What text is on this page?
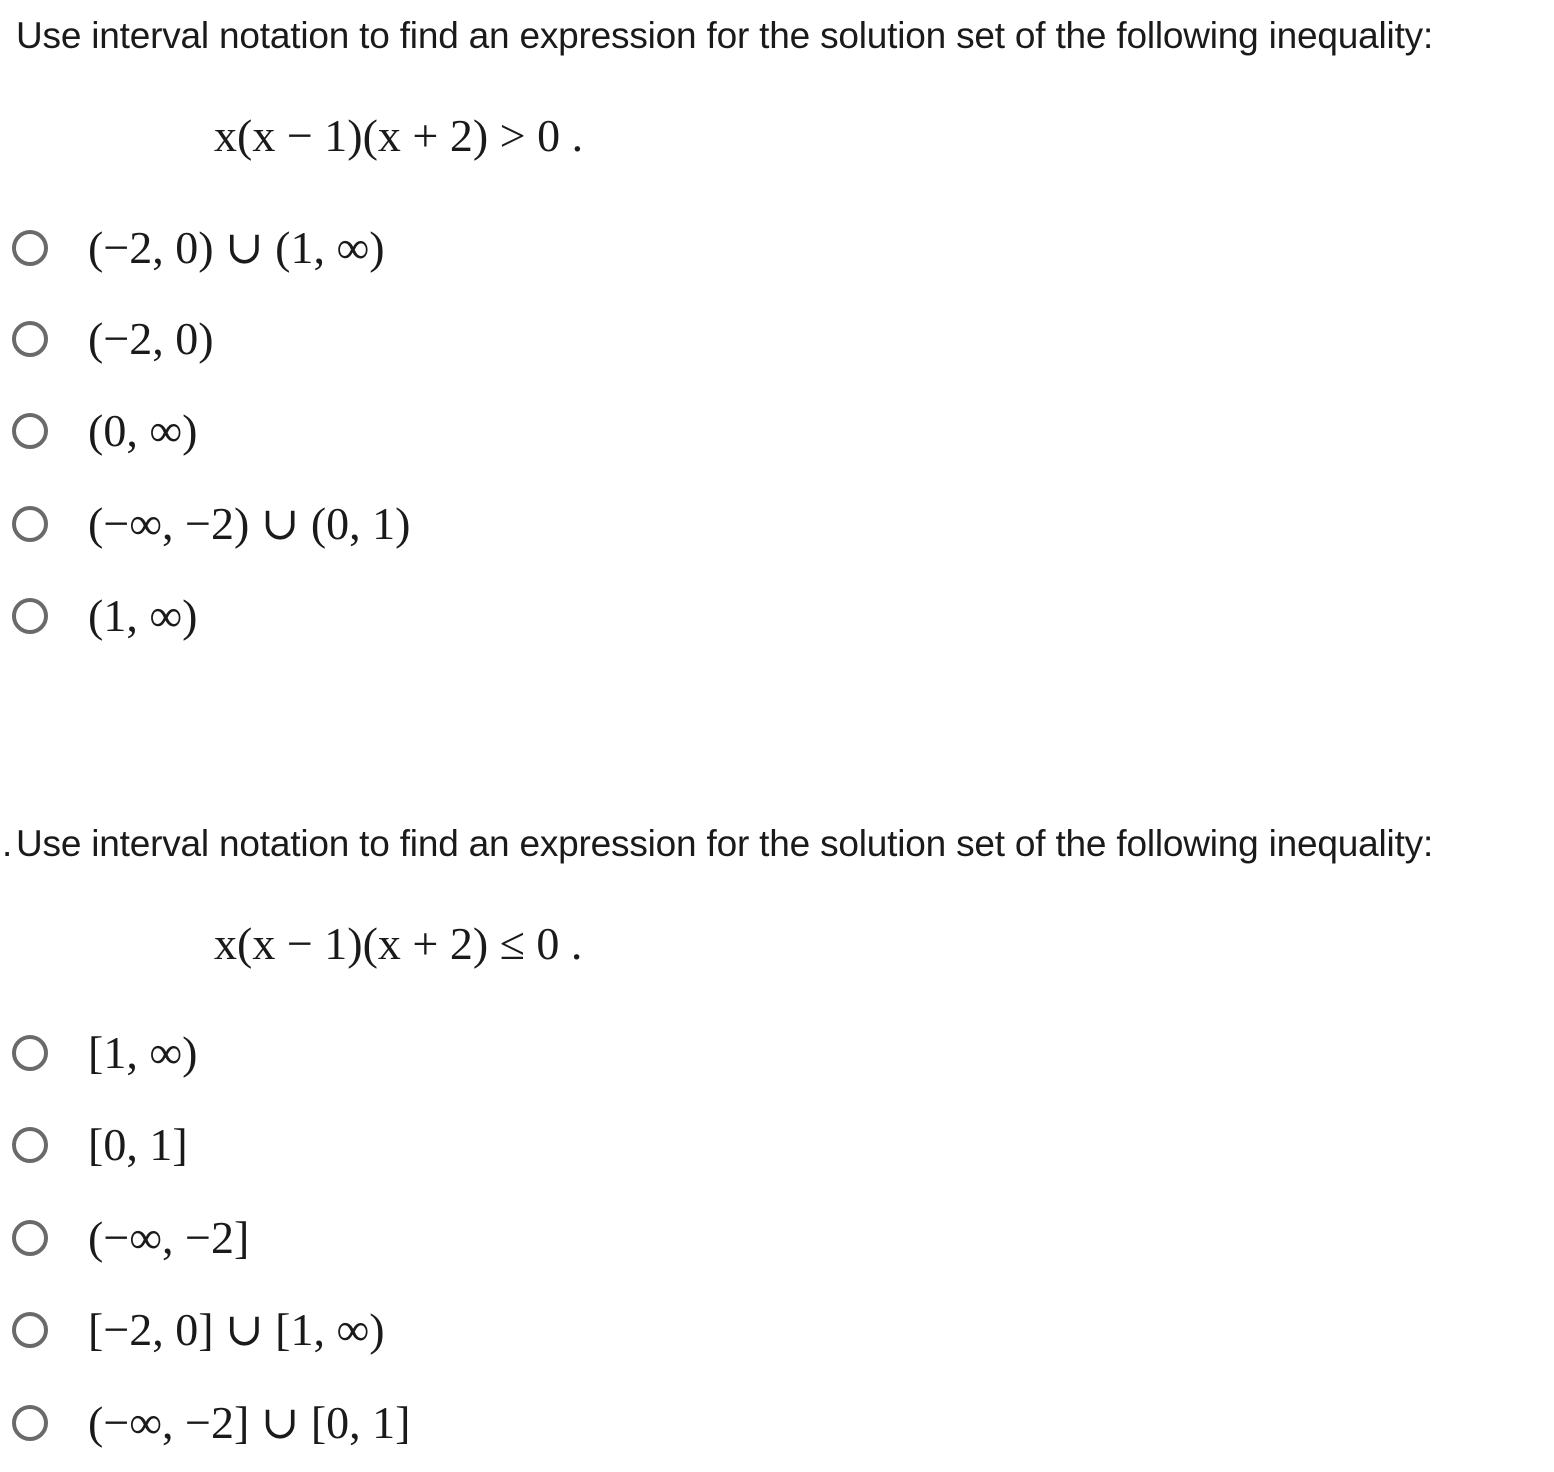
Use interval notation to find an expression for the solution set of the following inequality:
x(x − 1)(x + 2) > 0 .
(−2, 0) ∪ (1, ∞)
(−2, 0)
(0, ∞)
(−∞, −2) ∪ (0, 1)
(1, ∞)
. Use interval notation to find an expression for the solution set of the following inequality:
x(x − 1)(x + 2) ≤ 0 .
[1, ∞)
[0, 1]
(−∞, −2]
[−2, 0] ∪ [1, ∞)
(−∞, −2] ∪ [0, 1]
